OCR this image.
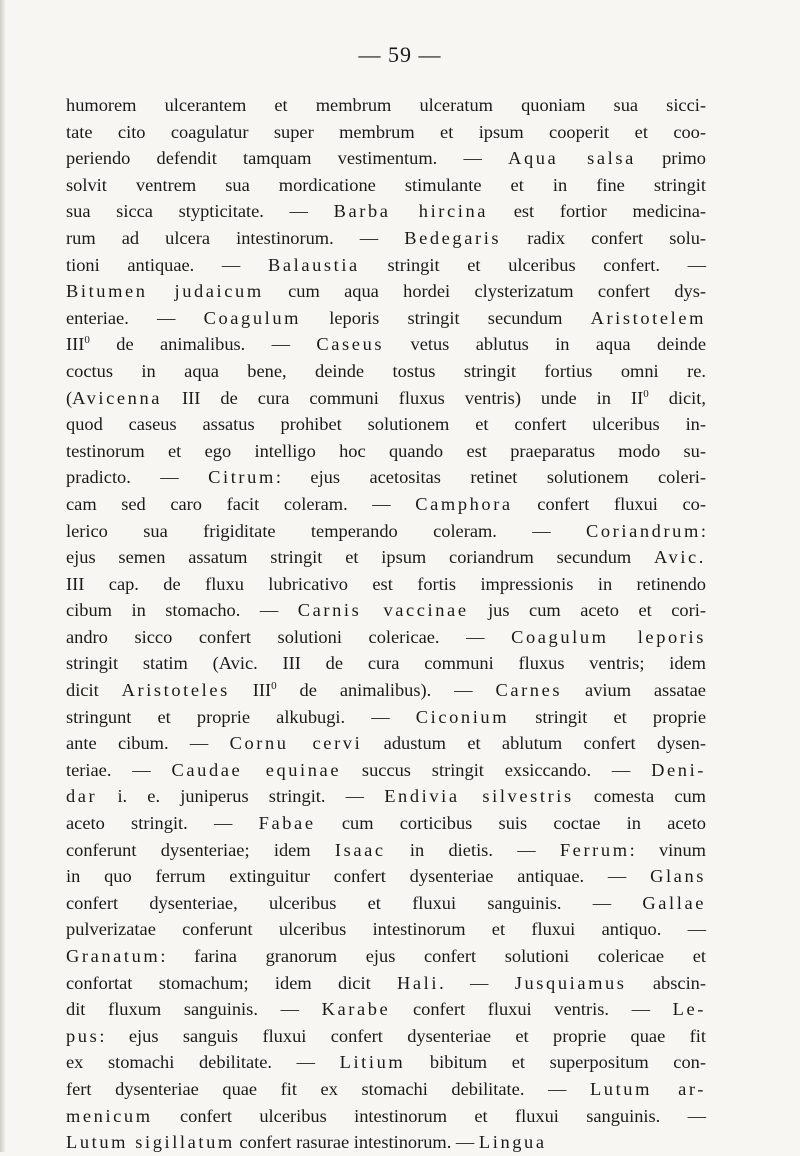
— 59 —
humorem ulcerantem et membrum ulceratum quoniam sua sicci-
tate cito coagulatur super membrum et ipsum cooperit et coo-
periendo defendit tamquam vestimentum. — Aqua salsa primo
solvit ventrem sua mordicatione stimulante et in fine stringit
sua sicca stypticitate. — Barba hircina est fortior medicina-
rum ad ulcera intestinorum. — Bedegaris radix confert solu-
tioni antiquae. — Balaustia stringit et ulceribus confert. —
Bitumen judaicum cum aqua hordei clysterizatum confert dys-
enteriae. — Coagulum leporis stringit secundum Aristotelem
III$^0$ de animalibus. — Caseus vetus ablutus in aqua deinde
coctus in aqua bene, deinde tostus stringit fortius omni re.
(Avicenna III de cura communi fluxus ventris) unde in $II^0$ dicit,
quod caseus assatus prohibet solutionem et confert ulceribus in-
testinorum et ego intelligo hoc quando est praeparatus modo su-
pradicto. — Citrum: ejus acetositas retinet solutionem coleri-
cam sed caro facit coleram. — Camphora confert fluxui co-
lerico sua frigiditate temperando coleram. — Coriandrum:
ejus semen assatum stringit et ipsum coriandrum secundum Avic.
III cap. de fluxu lubricativo est fortis impressionis in retinendo
cibum in stomacho. — Carnis vaccinae jus cum aceto et cori-
andro sicco confert solutioni colericae. — Coagulum leporis
stringit statim (Avic. III de cura communi fluxus ventris; idem
dicit Aristoteles III$^0$ de animalibus). — Carnes avium assatae
stringunt et proprie alkubugi. — Ciconium stringit et proprie
ante cibum. — Cornu cervi adustum et ablutum confert dysen-
teriae. — Caudae equinae succus stringit exsiccando. — Deni-
dar i. e. juniperus stringit. — Endivia silvestris comesta cum
aceto stringit. — Fabae cum corticibus suis coctae in aceto
conferunt dysenteriae; idem Isaac in dietis. — Ferrum: vinum
in quo ferrum extinguitur confert dysenteriae antiquae. — Glans
confert dysenteriae, ulceribus et fluxui sanguinis. — Gallae
pulverizatae conferunt ulceribus intestinorum et fluxui antiquo. —
Granatum: farina granorum ejus confert solutioni colericae et
confortat stomachum; idem dicit Hali. — Jusquiamus abscin-
dit fluxum sanguinis. — Karabe confert fluxui ventris. — Le-
pus: ejus sanguis fluxui confert dysenteriae et proprie quae fit
ex stomachi debilitate. — Litium bibitum et superpositum con-
fert dysenteriae quae fit ex stomachi debilitate. — Lutum ar-
menicum confert ulceribus intestinorum et fluxui sanguinis. —
Lutum sigillatum confert rasurae intestinorum. — Lingua
